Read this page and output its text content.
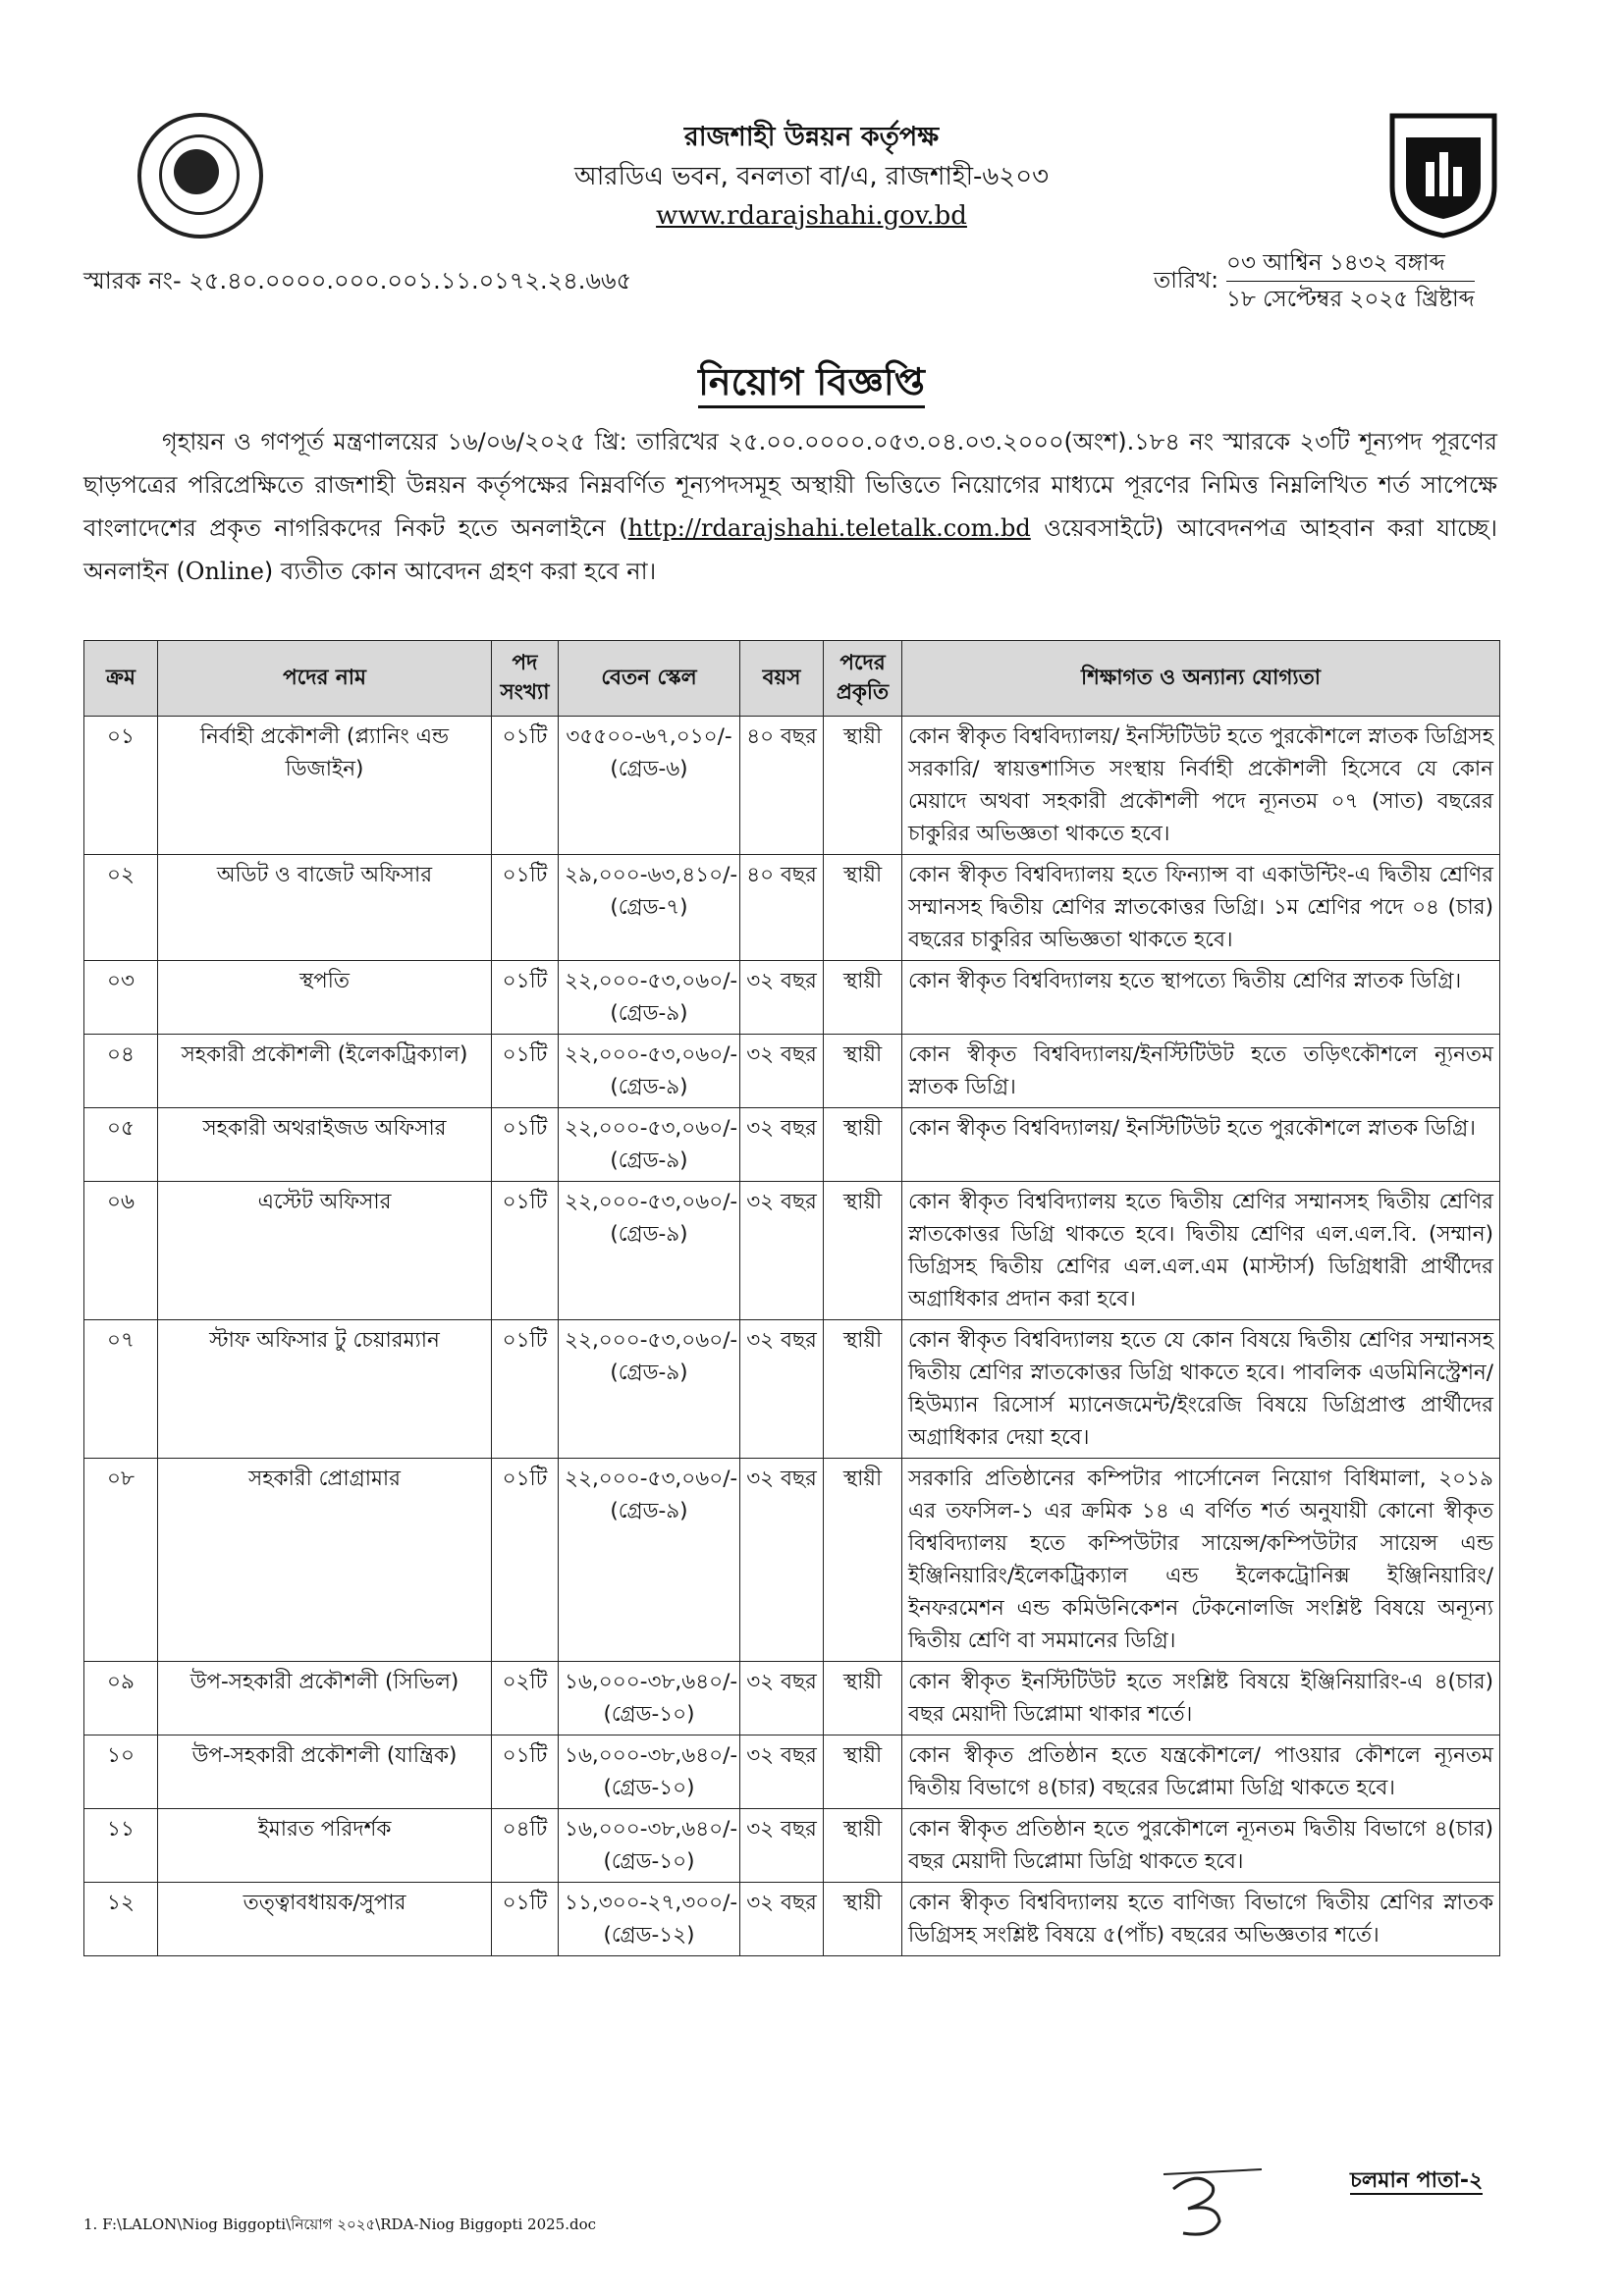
রাজশাহী উন্নয়ন কর্তৃপক্ষ

আরডিএ ভবন, বনলতা বা/এ, রাজশাহী-৬২০৩

www.rdarajshahi.gov.bd

স্মারক নং- ২৫.৪০.০০০০.০০০.০০১.১১.০১৭২.২৪.৬৬৫	তারিখ:
০৩ আশ্বিন ১৪৩২ বঙ্গাব্দ
১৮ সেপ্টেম্বর ২০২৫ খ্রিষ্টাব্দ
নিয়োগ বিজ্ঞপ্তি
গৃহায়ন ও গণপূর্ত মন্ত্রণালয়ের ১৬/০৬/২০২৫ খ্রি: তারিখের ২৫.০০.০০০০.০৫৩.০৪.০৩.২০০০(অংশ).১৮৪ নং স্মারকে ২৩টি শূন্যপদ পূরণের ছাড়পত্রের পরিপ্রেক্ষিতে রাজশাহী উন্নয়ন কর্তৃপক্ষের নিম্নবর্ণিত শূন্যপদসমূহ অস্থায়ী ভিত্তিতে নিয়োগের মাধ্যমে পূরণের নিমিত্ত নিম্নলিখিত শর্ত সাপেক্ষে বাংলাদেশের প্রকৃত নাগরিকদের নিকট হতে অনলাইনে (http://rdarajshahi.teletalk.com.bd ওয়েবসাইটে) আবেদনপত্র আহবান করা যাচ্ছে। অনলাইন (Online) ব্যতীত কোন আবেদন গ্রহণ করা হবে না।
ক্রম	পদের নাম	পদ সংখ্যা	বেতন স্কেল	বয়স	পদের প্রকৃতি	শিক্ষাগত ও অন্যান্য যোগ্যতা
০১	নির্বাহী প্রকৌশলী (প্ল্যানিং এন্ড ডিজাইন)	০১টি	৩৫৫০০-৬৭,০১০/-
(গ্রেড-৬)	৪০ বছর	স্থায়ী	কোন স্বীকৃত বিশ্ববিদ্যালয়/ ইনস্টিটিউট হতে পুরকৌশলে স্নাতক ডিগ্রিসহ সরকারি/ স্বায়ত্তশাসিত সংস্থায় নির্বাহী প্রকৌশলী হিসেবে যে কোন মেয়াদে অথবা সহকারী প্রকৌশলী পদে ন্যূনতম ০৭ (সাত) বছরের চাকুরির অভিজ্ঞতা থাকতে হবে।
০২	অডিট ও বাজেট অফিসার	০১টি	২৯,০০০-৬৩,৪১০/-
(গ্রেড-৭)	৪০ বছর	স্থায়ী	কোন স্বীকৃত বিশ্ববিদ্যালয় হতে ফিন্যান্স বা একাউন্টিং-এ দ্বিতীয় শ্রেণির সম্মানসহ দ্বিতীয় শ্রেণির স্নাতকোত্তর ডিগ্রি। ১ম শ্রেণির পদে ০৪ (চার) বছরের চাকুরির অভিজ্ঞতা থাকতে হবে।
০৩	স্থপতি	০১টি	২২,০০০-৫৩,০৬০/-
(গ্রেড-৯)	৩২ বছর	স্থায়ী	কোন স্বীকৃত বিশ্ববিদ্যালয় হতে স্থাপত্যে দ্বিতীয় শ্রেণির স্নাতক ডিগ্রি।
০৪	সহকারী প্রকৌশলী (ইলেকট্রিক্যাল)	০১টি	২২,০০০-৫৩,০৬০/-
(গ্রেড-৯)	৩২ বছর	স্থায়ী	কোন স্বীকৃত বিশ্ববিদ্যালয়/ইনস্টিটিউট হতে তড়িৎকৌশলে ন্যূনতম স্নাতক ডিগ্রি।
০৫	সহকারী অথরাইজড অফিসার	০১টি	২২,০০০-৫৩,০৬০/-
(গ্রেড-৯)	৩২ বছর	স্থায়ী	কোন স্বীকৃত বিশ্ববিদ্যালয়/ ইনস্টিটিউট হতে পুরকৌশলে স্নাতক ডিগ্রি।
০৬	এস্টেট অফিসার	০১টি	২২,০০০-৫৩,০৬০/-
(গ্রেড-৯)	৩২ বছর	স্থায়ী	কোন স্বীকৃত বিশ্ববিদ্যালয় হতে দ্বিতীয় শ্রেণির সম্মানসহ দ্বিতীয় শ্রেণির স্নাতকোত্তর ডিগ্রি থাকতে হবে। দ্বিতীয় শ্রেণির এল.এল.বি. (সম্মান) ডিগ্রিসহ দ্বিতীয় শ্রেণির এল.এল.এম (মাস্টার্স) ডিগ্রিধারী প্রার্থীদের অগ্রাধিকার প্রদান করা হবে।
০৭	স্টাফ অফিসার টু চেয়ারম্যান	০১টি	২২,০০০-৫৩,০৬০/-
(গ্রেড-৯)	৩২ বছর	স্থায়ী	কোন স্বীকৃত বিশ্ববিদ্যালয় হতে যে কোন বিষয়ে দ্বিতীয় শ্রেণির সম্মানসহ দ্বিতীয় শ্রেণির স্নাতকোত্তর ডিগ্রি থাকতে হবে। পাবলিক এডমিনিস্ট্রেশন/হিউম্যান রিসোর্স ম্যানেজমেন্ট/ইংরেজি বিষয়ে ডিগ্রিপ্রাপ্ত প্রার্থীদের অগ্রাধিকার দেয়া হবে।
০৮	সহকারী প্রোগ্রামার	০১টি	২২,০০০-৫৩,০৬০/-
(গ্রেড-৯)	৩২ বছর	স্থায়ী	সরকারি প্রতিষ্ঠানের কম্পিটার পার্সোনেল নিয়োগ বিধিমালা, ২০১৯ এর তফসিল-১ এর ক্রমিক ১৪ এ বর্ণিত শর্ত অনুযায়ী কোনো স্বীকৃত বিশ্ববিদ্যালয় হতে কম্পিউটার সায়েন্স/কম্পিউটার সায়েন্স এন্ড ইঞ্জিনিয়ারিং/ইলেকট্রিক্যাল এন্ড ইলেকট্রোনিক্স ইঞ্জিনিয়ারিং/ ইনফরমেশন এন্ড কমিউনিকেশন টেকনোলজি সংশ্লিষ্ট বিষয়ে অন্যূন্য দ্বিতীয় শ্রেণি বা সমমানের ডিগ্রি।
০৯	উপ-সহকারী প্রকৌশলী (সিভিল)	০২টি	১৬,০০০-৩৮,৬৪০/-
(গ্রেড-১০)	৩২ বছর	স্থায়ী	কোন স্বীকৃত ইনস্টিটিউট হতে সংশ্লিষ্ট বিষয়ে ইঞ্জিনিয়ারিং-এ ৪(চার) বছর মেয়াদী ডিপ্লোমা থাকার শর্তে।
১০	উপ-সহকারী প্রকৌশলী (যান্ত্রিক)	০১টি	১৬,০০০-৩৮,৬৪০/-
(গ্রেড-১০)	৩২ বছর	স্থায়ী	কোন স্বীকৃত প্রতিষ্ঠান হতে যন্ত্রকৌশলে/ পাওয়ার কৌশলে ন্যূনতম দ্বিতীয় বিভাগে ৪(চার) বছরের ডিপ্লোমা ডিগ্রি থাকতে হবে।
১১	ইমারত পরিদর্শক	০৪টি	১৬,০০০-৩৮,৬৪০/-
(গ্রেড-১০)	৩২ বছর	স্থায়ী	কোন স্বীকৃত প্রতিষ্ঠান হতে পুরকৌশলে ন্যূনতম দ্বিতীয় বিভাগে ৪(চার) বছর মেয়াদী ডিপ্লোমা ডিগ্রি থাকতে হবে।
১২	তত্ত্বাবধায়ক/সুপার	০১টি	১১,৩০০-২৭,৩০০/-
(গ্রেড-১২)	৩২ বছর	স্থায়ী	কোন স্বীকৃত বিশ্ববিদ্যালয় হতে বাণিজ্য বিভাগে দ্বিতীয় শ্রেণির স্নাতক ডিগ্রিসহ সংশ্লিষ্ট বিষয়ে ৫(পাঁচ) বছরের অভিজ্ঞতার শর্তে।
চলমান পাতা-২
1. F:\LALON\Niog Biggopti\নিয়োগ ২০২৫\RDA-Niog Biggopti 2025.doc
